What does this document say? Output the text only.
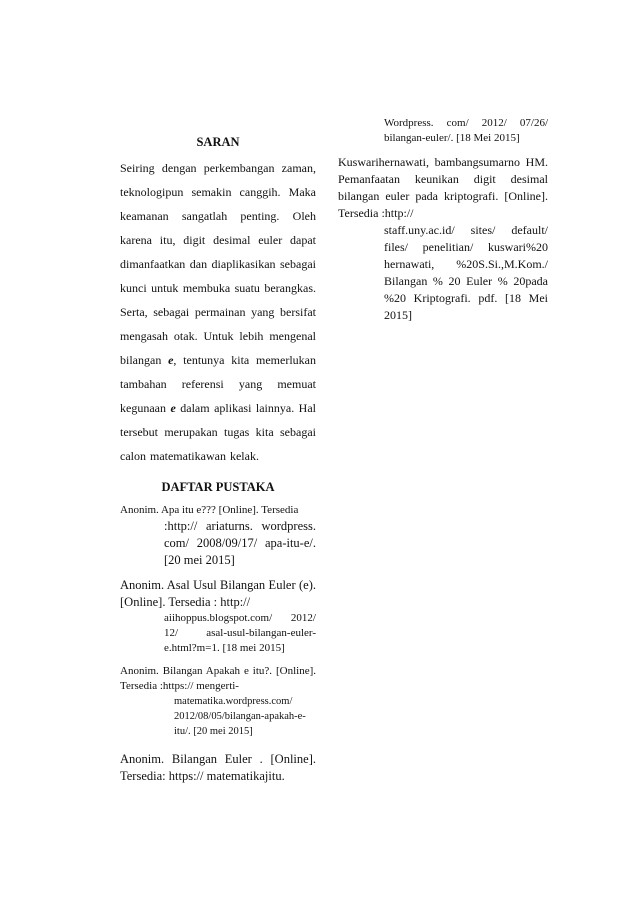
SARAN

Seiring dengan perkembangan zaman, teknologipun semakin canggih. Maka keamanan sangatlah penting. Oleh karena itu, digit desimal euler dapat dimanfaatkan dan diaplikasikan sebagai kunci untuk membuka suatu berangkas. Serta, sebagai permainan yang bersifat mengasah otak. Untuk lebih mengenal bilangan e, tentunya kita memerlukan tambahan referensi yang memuat kegunaan e dalam aplikasi lainnya. Hal tersebut merupakan tugas kita sebagai calon matematikawan kelak.

DAFTAR PUSTAKA
Anonim. Apa itu e??? [Online]. Tersedia
:http:// ariaturns. wordpress. com/ 2008/09/17/ apa-itu-e/. [20 mei 2015]
Anonim. Asal Usul Bilangan Euler (e). [Online]. Tersedia : http://
aiihoppus.blogspot.com/ 2012/ 12/ asal-usul-bilangan-euler-e.html?m=1. [18 mei 2015]
Anonim. Bilangan Apakah e itu?. [Online]. Tersedia :https:// mengerti-
matematika.wordpress.com/ 2012/08/05/bilangan-apakah-e-itu/. [20 mei 2015]
Anonim. Bilangan Euler . [Online]. Tersedia: https:// matematikajitu.

Wordpress. com/ 2012/ 07/26/ bilangan-euler/. [18 Mei 2015]

Kuswarihernawati, bambangsumarno HM. Pemanfaatan keunikan digit desimal bilangan euler pada kriptografi. [Online]. Tersedia :http://
staff.uny.ac.id/ sites/ default/ files/ penelitian/ kuswari%20 hernawati, %20S.Si.,M.Kom./ Bilangan % 20 Euler % 20pada %20 Kriptografi. pdf. [18 Mei 2015]
